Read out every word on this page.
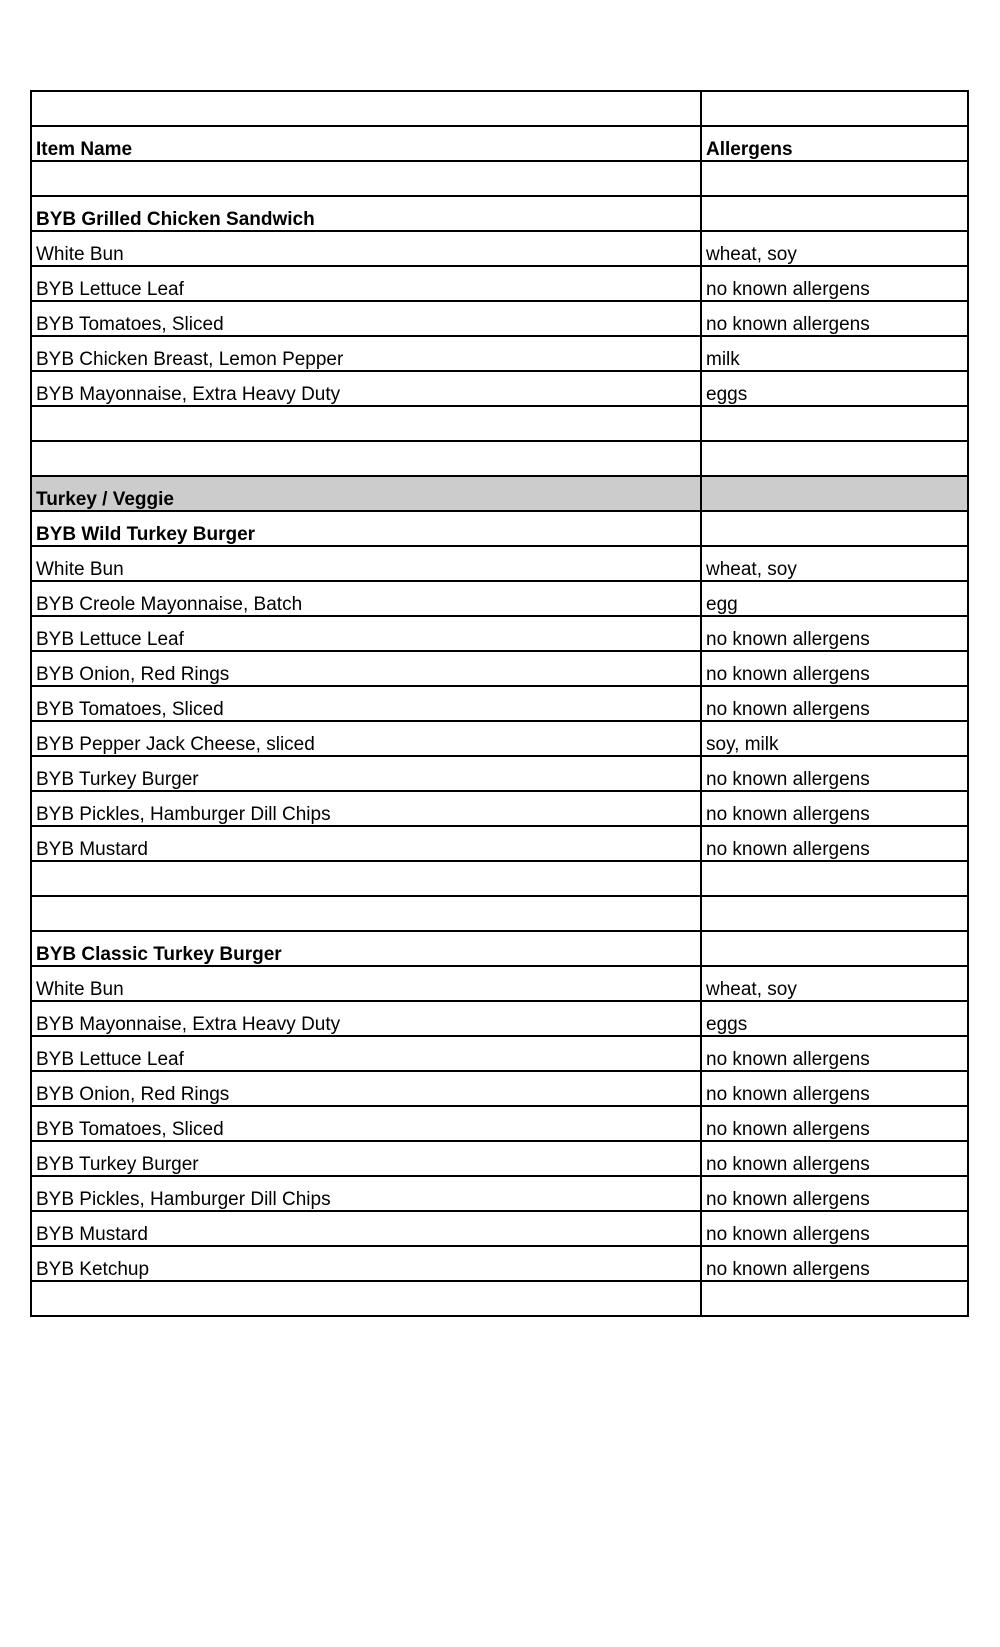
Item Name	Allergens

BYB Grilled Chicken Sandwich	
White Bun	wheat, soy
BYB Lettuce Leaf	no known allergens
BYB Tomatoes, Sliced	no known allergens
BYB Chicken Breast, Lemon Pepper	milk
BYB Mayonnaise, Extra Heavy Duty	eggs

Turkey / Veggie	
BYB Wild Turkey Burger	
White Bun	wheat, soy
BYB Creole Mayonnaise, Batch	egg
BYB Lettuce Leaf	no known allergens
BYB Onion, Red Rings	no known allergens
BYB Tomatoes, Sliced	no known allergens
BYB Pepper Jack Cheese, sliced	soy, milk
BYB Turkey Burger	no known allergens
BYB Pickles, Hamburger Dill Chips	no known allergens
BYB Mustard	no known allergens

BYB Classic Turkey Burger	
White Bun	wheat, soy
BYB Mayonnaise, Extra Heavy Duty	eggs
BYB Lettuce Leaf	no known allergens
BYB Onion, Red Rings	no known allergens
BYB Tomatoes, Sliced	no known allergens
BYB Turkey Burger	no known allergens
BYB Pickles, Hamburger Dill Chips	no known allergens
BYB Mustard	no known allergens
BYB Ketchup	no known allergens
